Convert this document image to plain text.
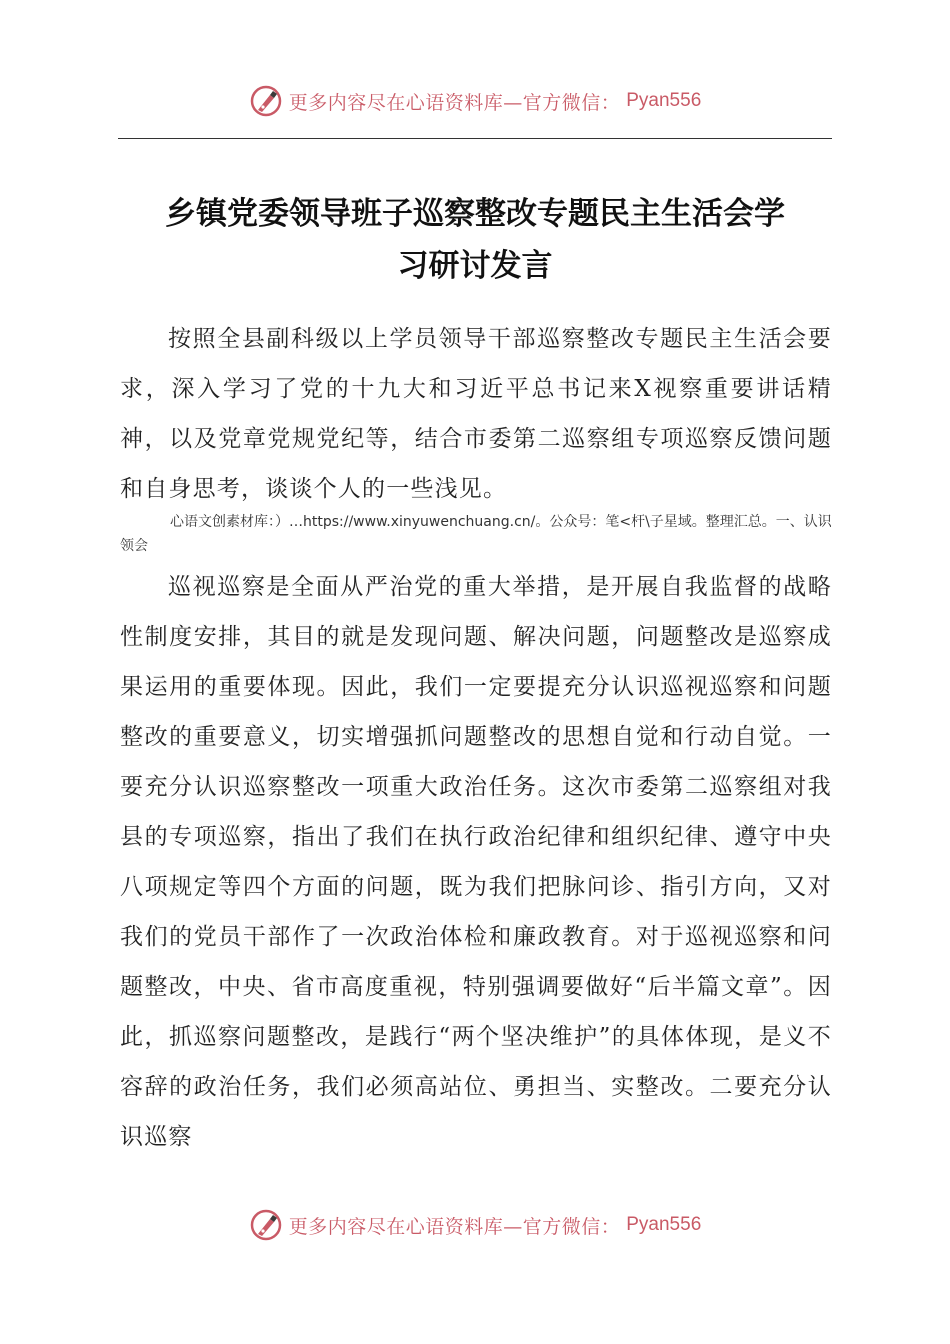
更多内容尽在心语资料库—官方微信： Pyan556
乡镇党委领导班子巡察整改专题民主生活会学
习研讨发言
按照全县副科级以上学员领导干部巡察整改专题民主生活会要求，深入学习了党的十九大和习近平总书记来X视察重要讲话精神，以及党章党规党纪等，结合市委第二巡察组专项巡察反馈问题和自身思考，谈谈个人的一些浅见。
心语文创素材库：）…https://www.xinyuwenchuang.cn/。公众号：笔<杆\子星域。整理汇总。一、认识领会
巡视巡察是全面从严治党的重大举措，是开展自我监督的战略性制度安排，其目的就是发现问题、解决问题，问题整改是巡察成果运用的重要体现。因此，我们一定要提充分认识巡视巡察和问题整改的重要意义，切实增强抓问题整改的思想自觉和行动自觉。一要充分认识巡察整改一项重大政治任务。这次市委第二巡察组对我县的专项巡察，指出了我们在执行政治纪律和组织纪律、遵守中央八项规定等四个方面的问题，既为我们把脉问诊、指引方向，又对我们的党员干部作了一次政治体检和廉政教育。对于巡视巡察和问题整改，中央、省市高度重视，特别强调要做好“后半篇文章”。因此，抓巡察问题整改，是践行“两个坚决维护”的具体体现，是义不容辞的政治任务，我们必须高站位、勇担当、实整改。二要充分认识巡察
更多内容尽在心语资料库—官方微信： Pyan556
